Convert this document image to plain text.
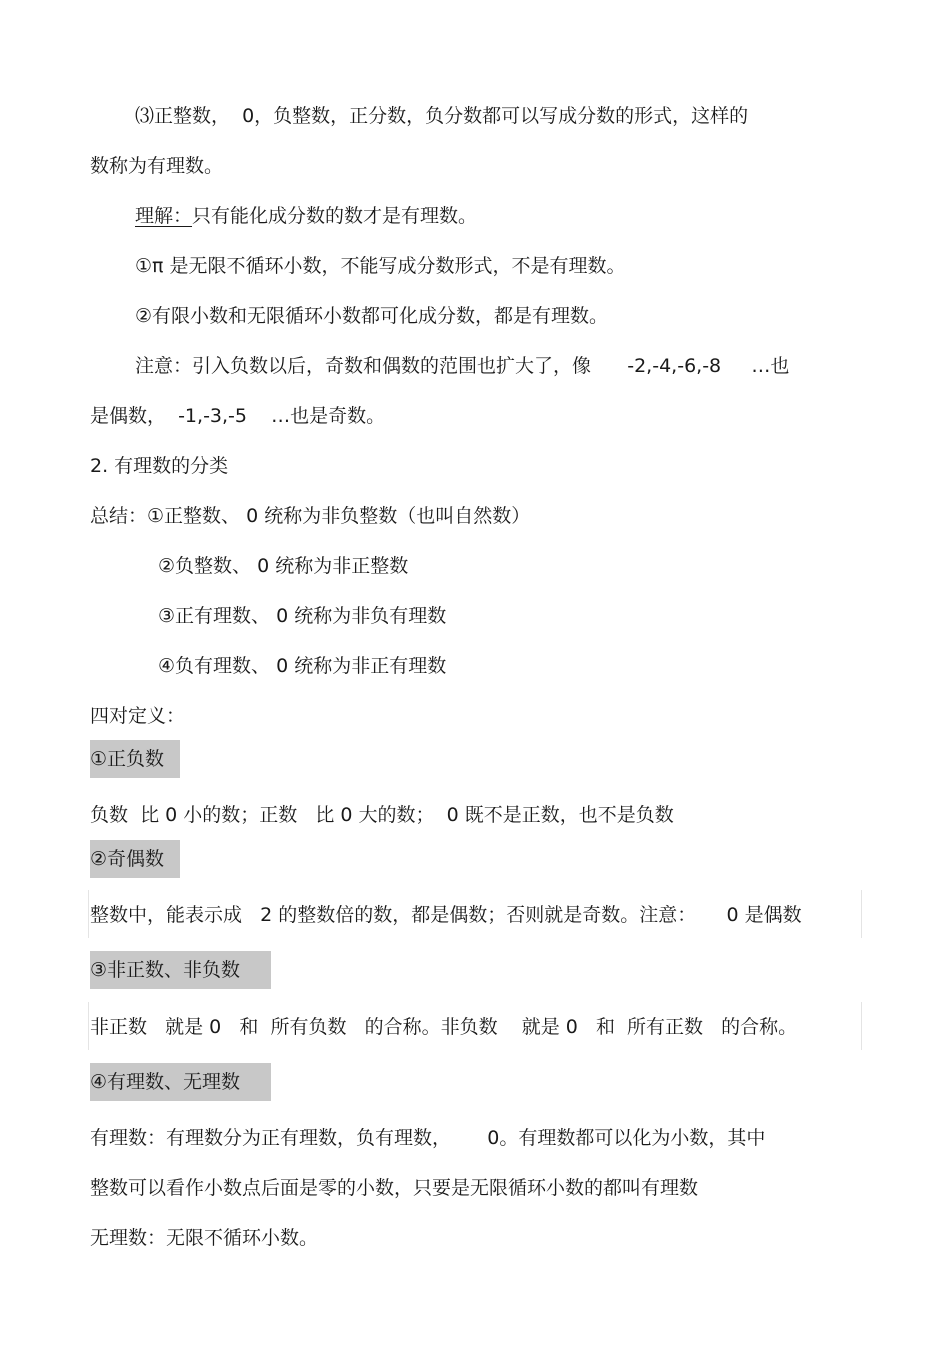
⑶正整数，  0，负整数，正分数，负分数都可以写成分数的形式，这样的
数称为有理数。
理解：只有能化成分数的数才是有理数。
①π 是无限不循环小数，不能写成分数形式，不是有理数。
②有限小数和无限循环小数都可化成分数，都是有理数。
注意：引入负数以后，奇数和偶数的范围也扩大了，像      -2,-4,-6,-8     …也
是偶数，  -1,-3,-5    …也是奇数。
2. 有理数的分类
总结：①正整数、 0 统称为非负整数（也叫自然数）
②负整数、 0 统称为非正整数
③正有理数、 0 统称为非负有理数
④负有理数、 0 统称为非正有理数
四对定义：
①正负数
负数  比 0 小的数；正数   比 0 大的数；  0 既不是正数，也不是负数
②奇偶数
整数中，能表示成   2 的整数倍的数，都是偶数；否则就是奇数。注意：     0 是偶数
③非正数、非负数
非正数   就是 0   和  所有负数   的合称。非负数    就是 0   和  所有正数   的合称。
④有理数、无理数
有理数：有理数分为正有理数，负有理数，      0。有理数都可以化为小数，其中
整数可以看作小数点后面是零的小数，只要是无限循环小数的都叫有理数
无理数：无限不循环小数。
